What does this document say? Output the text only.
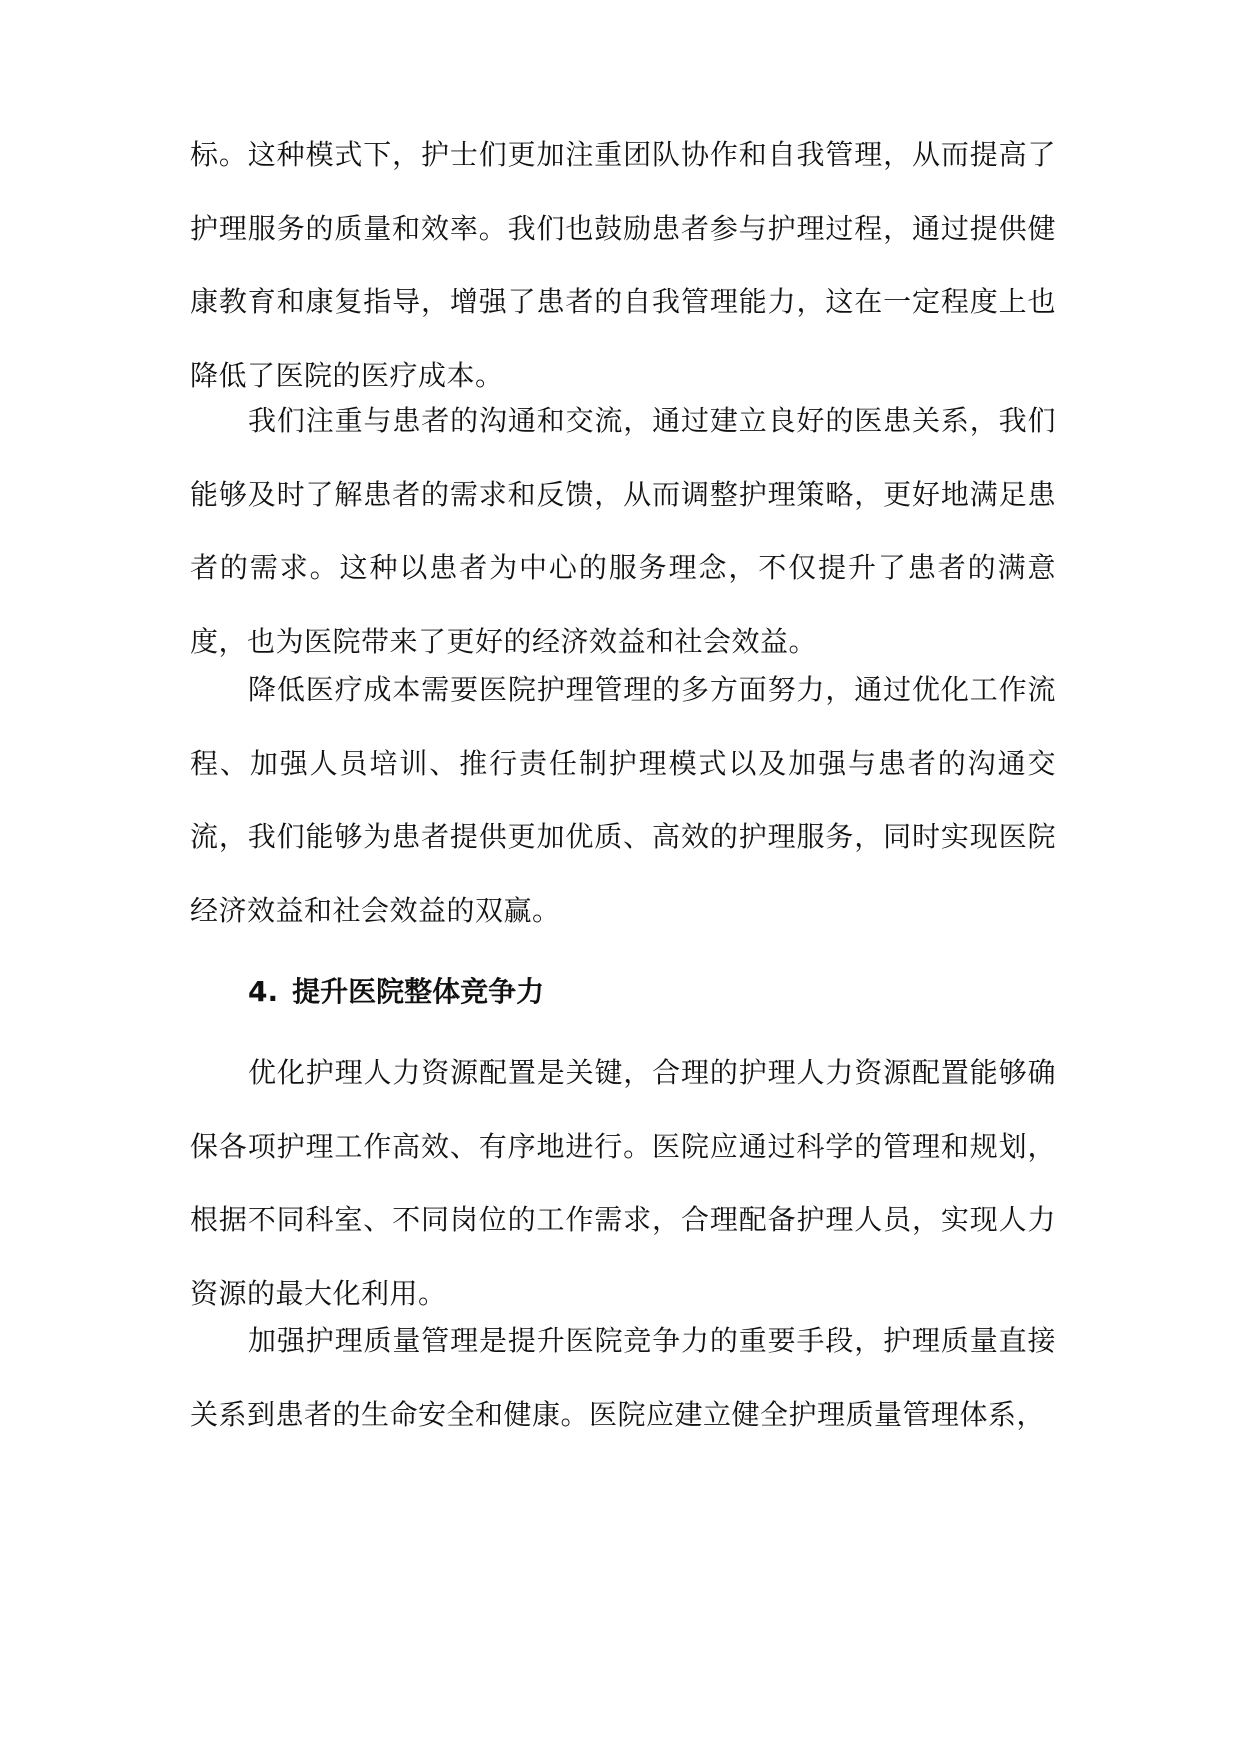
标。这种模式下，护士们更加注重团队协作和自我管理，从而提高了护理服务的质量和效率。我们也鼓励患者参与护理过程，通过提供健康教育和康复指导，增强了患者的自我管理能力，这在一定程度上也降低了医院的医疗成本。

我们注重与患者的沟通和交流，通过建立良好的医患关系，我们能够及时了解患者的需求和反馈，从而调整护理策略，更好地满足患者的需求。这种以患者为中心的服务理念，不仅提升了患者的满意度，也为医院带来了更好的经济效益和社会效益。

降低医疗成本需要医院护理管理的多方面努力，通过优化工作流程、加强人员培训、推行责任制护理模式以及加强与患者的沟通交流，我们能够为患者提供更加优质、高效的护理服务，同时实现医院经济效益和社会效益的双赢。

4. 提升医院整体竞争力

优化护理人力资源配置是关键，合理的护理人力资源配置能够确保各项护理工作高效、有序地进行。医院应通过科学的管理和规划，根据不同科室、不同岗位的工作需求，合理配备护理人员，实现人力资源的最大化利用。

加强护理质量管理是提升医院竞争力的重要手段，护理质量直接关系到患者的生命安全和健康。医院应建立健全护理质量管理体系，
